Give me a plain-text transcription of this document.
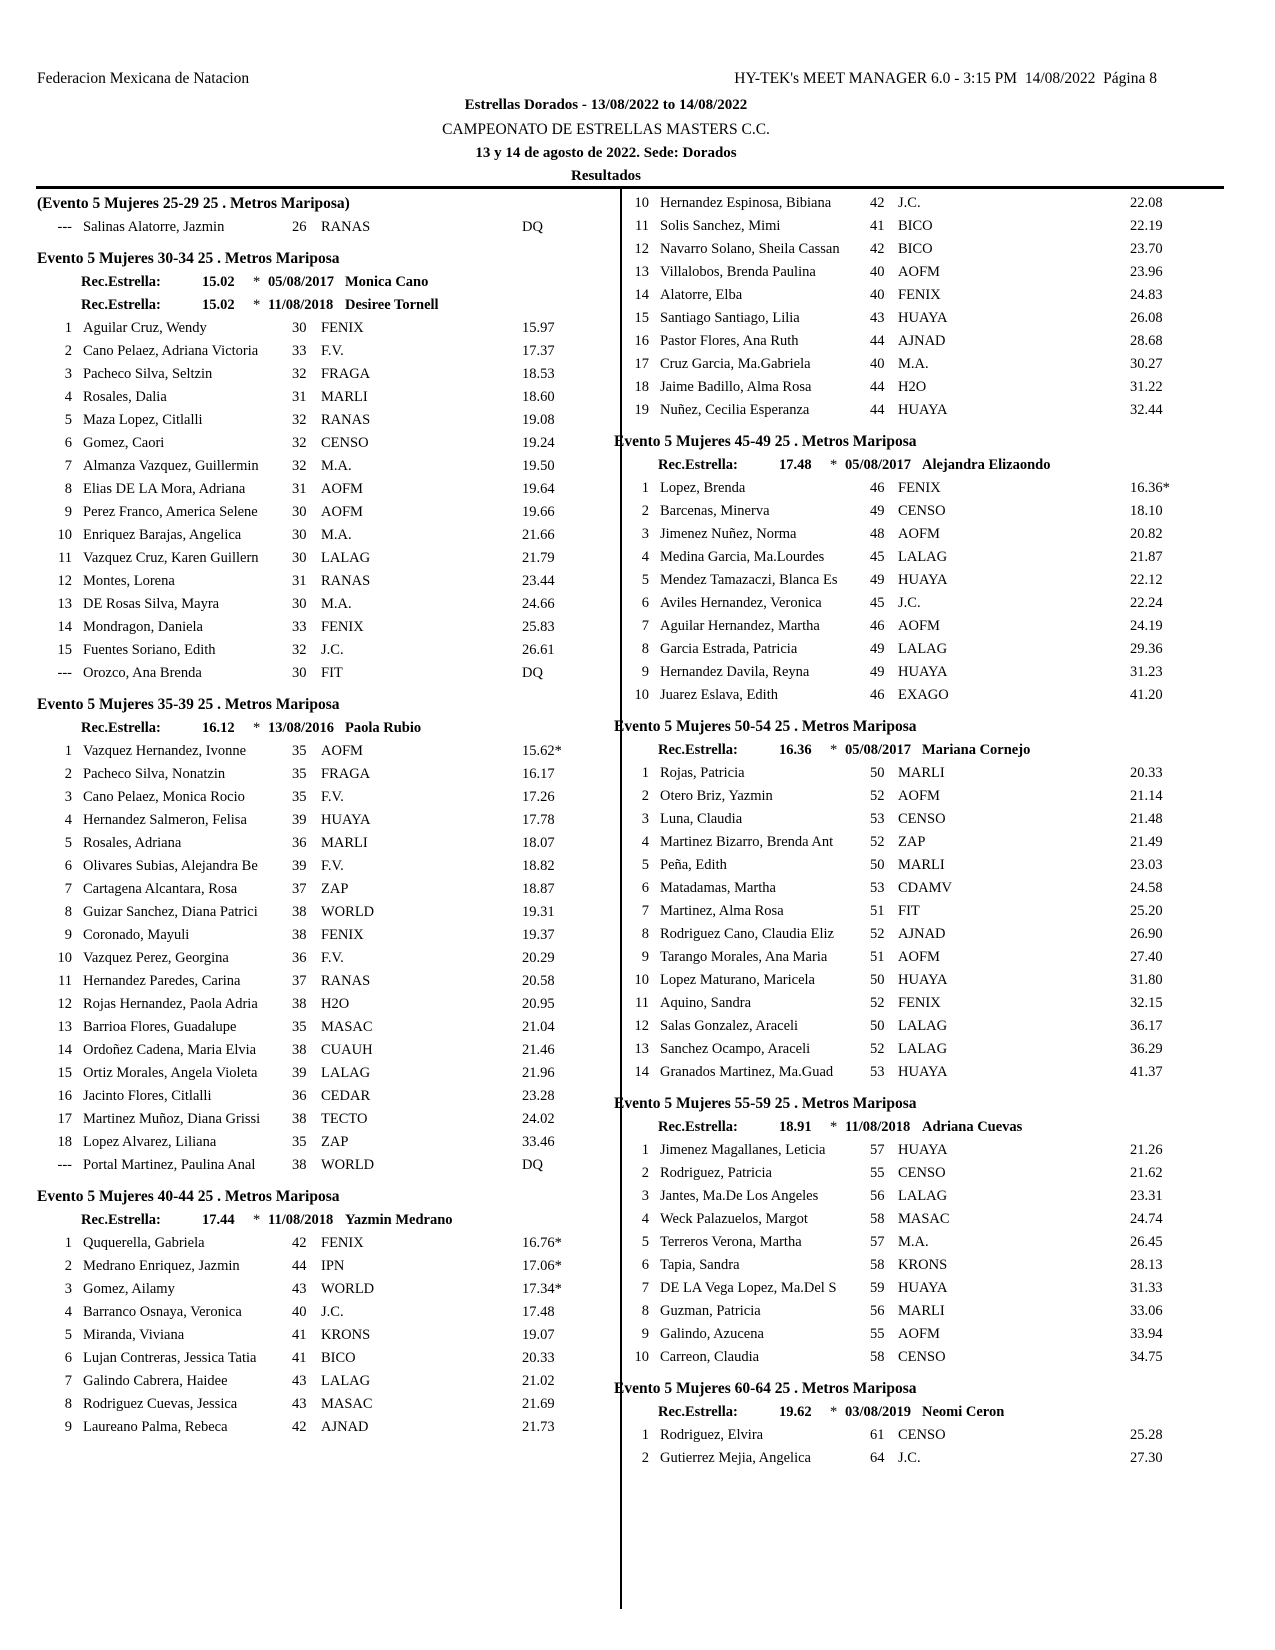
Federacion Mexicana de Natacion	HY-TEK's MEET MANAGER 6.0 - 3:15 PM  14/08/2022  Página 8
Estrellas Dorados - 13/08/2022 to 14/08/2022
CAMPEONATO DE ESTRELLAS MASTERS C.C.
13 y 14 de agosto de 2022. Sede: Dorados
Resultados
(Evento 5 Mujeres 25-29 25 . Metros Mariposa)
--- Salinas Alatorre, Jazmin	26 RANAS	DQ
Evento 5 Mujeres 30-34 25 . Metros Mariposa
Rec.Estrella:	15.02 * 05/08/2017 Monica Cano
Rec.Estrella:	15.02 * 11/08/2018 Desiree Tornell
1 Aguilar Cruz, Wendy	30 FENIX	15.97
2 Cano Pelaez, Adriana Victoria	33 F.V.	17.37
3 Pacheco Silva, Seltzin	32 FRAGA	18.53
4 Rosales, Dalia	31 MARLI	18.60
5 Maza Lopez, Citlalli	32 RANAS	19.08
6 Gomez, Caori	32 CENSO	19.24
7 Almanza Vazquez, Guillermin	32 M.A.	19.50
8 Elias DE LA Mora, Adriana	31 AOFM	19.64
9 Perez Franco, America Selene	30 AOFM	19.66
10 Enriquez Barajas, Angelica	30 M.A.	21.66
11 Vazquez Cruz, Karen Guillern	30 LALAG	21.79
12 Montes, Lorena	31 RANAS	23.44
13 DE Rosas Silva, Mayra	30 M.A.	24.66
14 Mondragon, Daniela	33 FENIX	25.83
15 Fuentes Soriano, Edith	32 J.C.	26.61
--- Orozco, Ana Brenda	30 FIT	DQ
Evento 5 Mujeres 35-39 25 . Metros Mariposa
Rec.Estrella:	16.12 * 13/08/2016 Paola Rubio
1 Vazquez Hernandez, Ivonne	35 AOFM	15.62*
2 Pacheco Silva, Nonatzin	35 FRAGA	16.17
3 Cano Pelaez, Monica Rocio	35 F.V.	17.26
4 Hernandez Salmeron, Felisa	39 HUAYA	17.78
5 Rosales, Adriana	36 MARLI	18.07
6 Olivares Subias, Alejandra Be	39 F.V.	18.82
7 Cartagena Alcantara, Rosa	37 ZAP	18.87
8 Guizar Sanchez, Diana Patrici	38 WORLD	19.31
9 Coronado, Mayuli	38 FENIX	19.37
10 Vazquez Perez, Georgina	36 F.V.	20.29
11 Hernandez Paredes, Carina	37 RANAS	20.58
12 Rojas Hernandez, Paola Adria	38 H2O	20.95
13 Barrioa Flores, Guadalupe	35 MASAC	21.04
14 Ordoñez Cadena, Maria Elvia	38 CUAUH	21.46
15 Ortiz Morales, Angela Violeta	39 LALAG	21.96
16 Jacinto Flores, Citlalli	36 CEDAR	23.28
17 Martinez Muñoz, Diana Grissi	38 TECTO	24.02
18 Lopez Alvarez, Liliana	35 ZAP	33.46
--- Portal Martinez, Paulina Anal	38 WORLD	DQ
Evento 5 Mujeres 40-44 25 . Metros Mariposa
Rec.Estrella:	17.44 * 11/08/2018 Yazmin Medrano
1 Ququerella, Gabriela	42 FENIX	16.76*
2 Medrano Enriquez, Jazmin	44 IPN	17.06*
3 Gomez, Ailamy	43 WORLD	17.34*
4 Barranco Osnaya, Veronica	40 J.C.	17.48
5 Miranda, Viviana	41 KRONS	19.07
6 Lujan Contreras, Jessica Tatia	41 BICO	20.33
7 Galindo Cabrera, Haidee	43 LALAG	21.02
8 Rodriguez Cuevas, Jessica	43 MASAC	21.69
9 Laureano Palma, Rebeca	42 AJNAD	21.73
10 Hernandez Espinosa, Bibiana	42 J.C.	22.08
11 Solis Sanchez, Mimi	41 BICO	22.19
12 Navarro Solano, Sheila Cassan	42 BICO	23.70
13 Villalobos, Brenda Paulina	40 AOFM	23.96
14 Alatorre, Elba	40 FENIX	24.83
15 Santiago Santiago, Lilia	43 HUAYA	26.08
16 Pastor Flores, Ana Ruth	44 AJNAD	28.68
17 Cruz Garcia, Ma.Gabriela	40 M.A.	30.27
18 Jaime Badillo, Alma Rosa	44 H2O	31.22
19 Nuñez, Cecilia Esperanza	44 HUAYA	32.44
Evento 5 Mujeres 45-49 25 . Metros Mariposa
Rec.Estrella:	17.48 * 05/08/2017 Alejandra Elizaondo
1 Lopez, Brenda	46 FENIX	16.36*
2 Barcenas, Minerva	49 CENSO	18.10
3 Jimenez Nuñez, Norma	48 AOFM	20.82
4 Medina Garcia, Ma.Lourdes	45 LALAG	21.87
5 Mendez Tamazaczi, Blanca Es	49 HUAYA	22.12
6 Aviles Hernandez, Veronica	45 J.C.	22.24
7 Aguilar Hernandez, Martha	46 AOFM	24.19
8 Garcia Estrada, Patricia	49 LALAG	29.36
9 Hernandez Davila, Reyna	49 HUAYA	31.23
10 Juarez Eslava, Edith	46 EXAGO	41.20
Evento 5 Mujeres 50-54 25 . Metros Mariposa
Rec.Estrella:	16.36 * 05/08/2017 Mariana Cornejo
1 Rojas, Patricia	50 MARLI	20.33
2 Otero Briz, Yazmin	52 AOFM	21.14
3 Luna, Claudia	53 CENSO	21.48
4 Martinez Bizarro, Brenda Ant	52 ZAP	21.49
5 Peña, Edith	50 MARLI	23.03
6 Matadamas, Martha	53 CDAMV	24.58
7 Martinez, Alma Rosa	51 FIT	25.20
8 Rodriguez Cano, Claudia Eliz	52 AJNAD	26.90
9 Tarango Morales, Ana Maria	51 AOFM	27.40
10 Lopez Maturano, Maricela	50 HUAYA	31.80
11 Aquino, Sandra	52 FENIX	32.15
12 Salas Gonzalez, Araceli	50 LALAG	36.17
13 Sanchez Ocampo, Araceli	52 LALAG	36.29
14 Granados Martinez, Ma.Guad	53 HUAYA	41.37
Evento 5 Mujeres 55-59 25 . Metros Mariposa
Rec.Estrella:	18.91 * 11/08/2018 Adriana Cuevas
1 Jimenez Magallanes, Leticia	57 HUAYA	21.26
2 Rodriguez, Patricia	55 CENSO	21.62
3 Jantes, Ma.De Los Angeles	56 LALAG	23.31
4 Weck Palazuelos, Margot	58 MASAC	24.74
5 Terreros Verona, Martha	57 M.A.	26.45
6 Tapia, Sandra	58 KRONS	28.13
7 DE LA Vega Lopez, Ma.Del S	59 HUAYA	31.33
8 Guzman, Patricia	56 MARLI	33.06
9 Galindo, Azucena	55 AOFM	33.94
10 Carreon, Claudia	58 CENSO	34.75
Evento 5 Mujeres 60-64 25 . Metros Mariposa
Rec.Estrella:	19.62 * 03/08/2019 Neomi Ceron
1 Rodriguez, Elvira	61 CENSO	25.28
2 Gutierrez Mejia, Angelica	64 J.C.	27.30
